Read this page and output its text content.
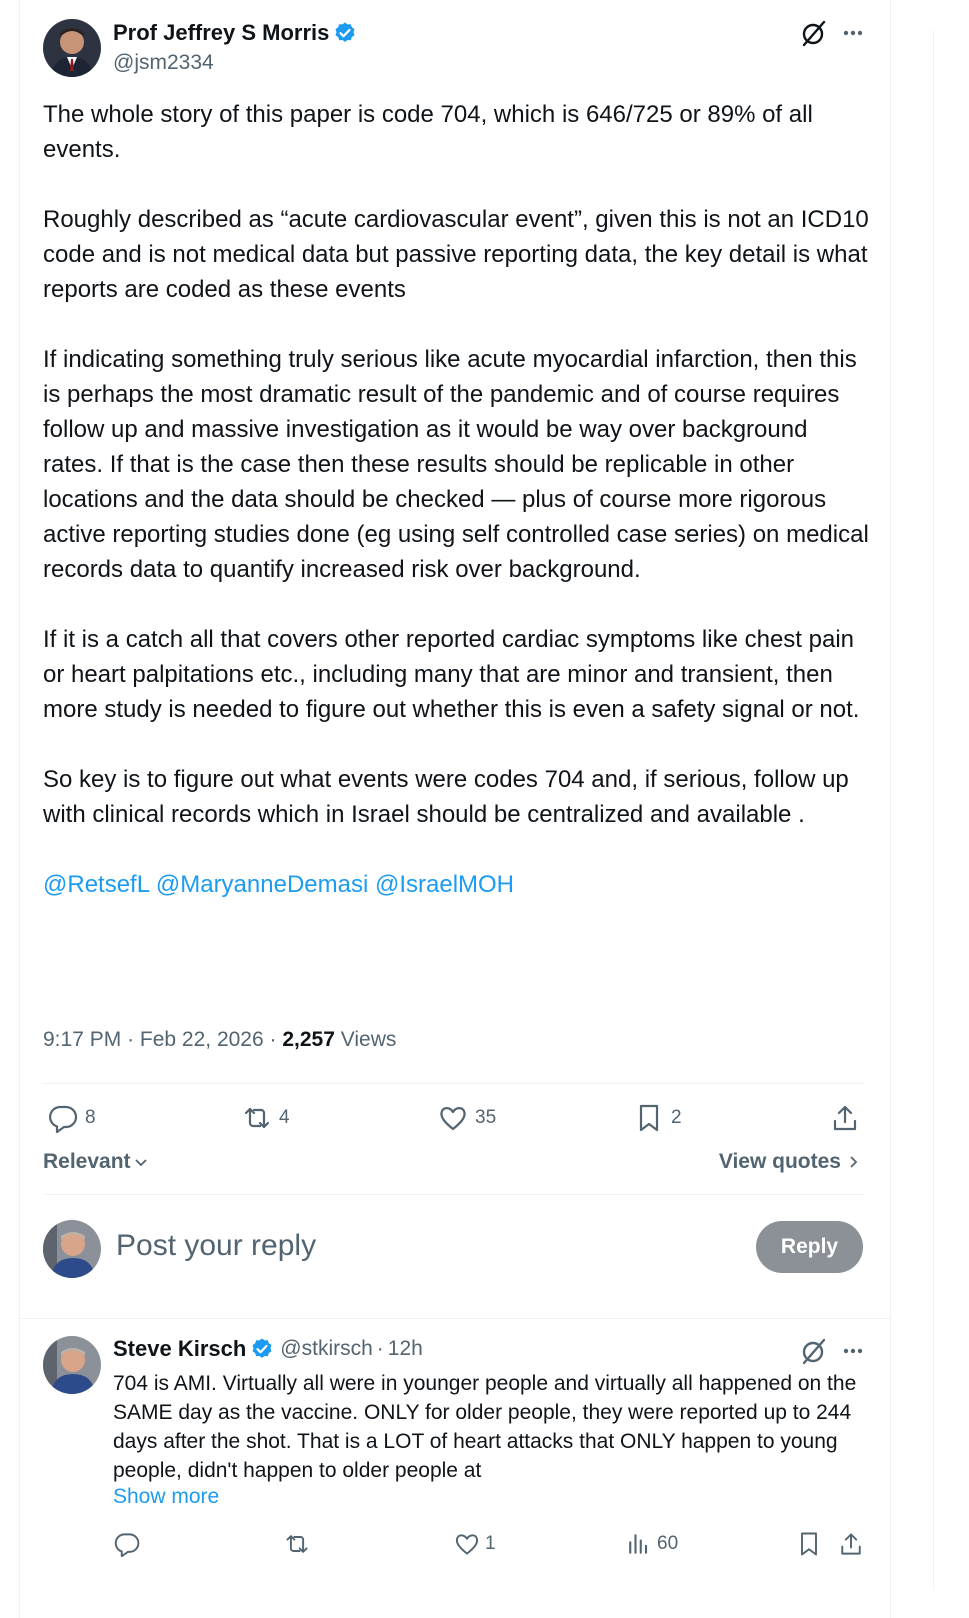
Prof Jeffrey S Morris
@jsm2334

The whole story of this paper is code 704, which is 646/725 or 89% of all events.

Roughly described as “acute cardiovascular event”, given this is not an ICD10 code and is not medical data but passive reporting data, the key detail is what reports are coded as these events

If indicating something truly serious like acute myocardial infarction, then this is perhaps the most dramatic result of the pandemic and of course requires follow up and massive investigation as it would be way over background rates. If that is the case then these results should be replicable in other locations and the data should be checked — plus of course more rigorous active reporting studies done (eg using self controlled case series) on medical records data to quantify increased risk over background.

If it is a catch all that covers other reported cardiac symptoms like chest pain or heart palpitations etc., including many that are minor and transient, then more study is needed to figure out whether this is even a safety signal or not.

So key is to figure out what events were codes 704 and, if serious, follow up with clinical records which in Israel should be centralized and available .

@RetsefL @MaryanneDemasi @IsraelMOH

9:17 PM · Feb 22, 2026 · 2,257 Views
8	4	35	2
Relevant	View quotes
Post your reply	Reply
Steve Kirsch @stkirsch · 12h
704 is AMI. Virtually all were in younger people and virtually all happened on the SAME day as the vaccine. ONLY for older people, they were reported up to 244 days after the shot. That is a LOT of heart attacks that ONLY happen to young people, didn't happen to older people at
Show more
1	60
